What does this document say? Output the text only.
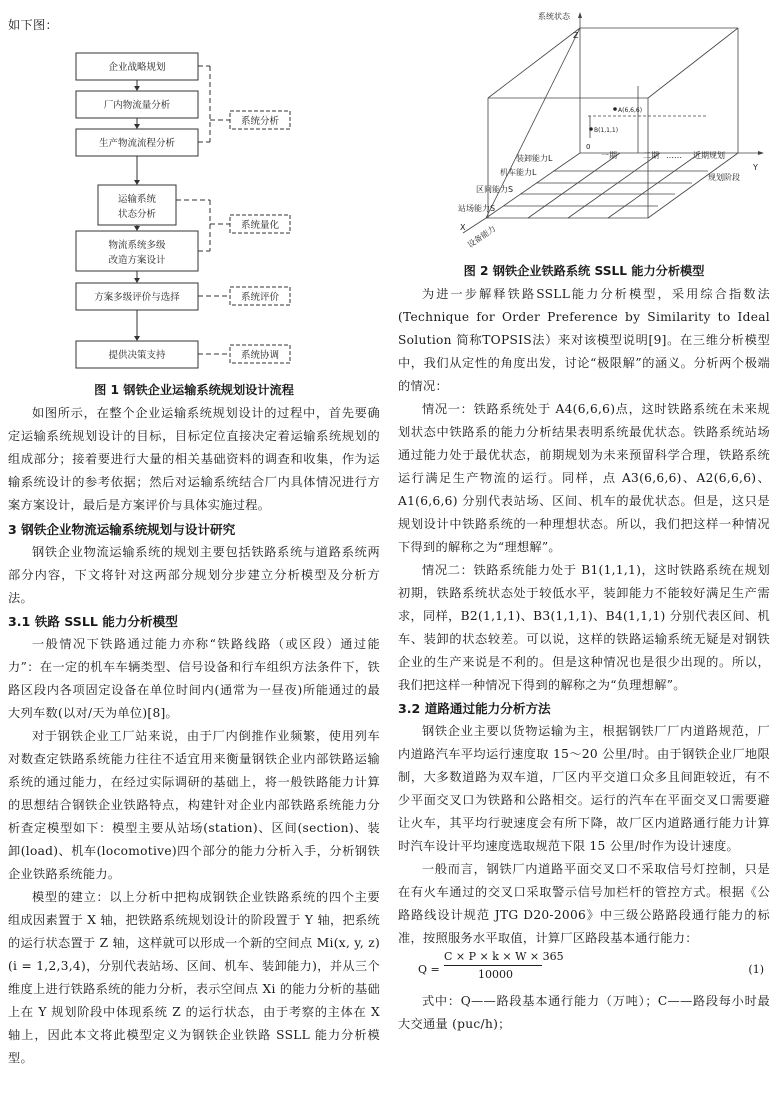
如下图：

企业战略规划
厂内物流量分析
生产物流流程分析
运输系统
状态分析
物流系统多级
改造方案设计
方案多级评价与选择
提供决策支持
系统分析
系统量化
系统评价
系统协调

图 1 钢铁企业运输系统规划设计流程

如图所示，在整个企业运输系统规划设计的过程中，首先要确定运输系统规划设计的目标，目标定位直接决定着运输系统规划的组成部分；接着要进行大量的相关基础资料的调查和收集，作为运输系统设计的参考依据；然后对运输系统结合厂内具体情况进行方案方案设计，最后是方案评价与具体实施过程。

3 钢铁企业物流运输系统规划与设计研究

钢铁企业物流运输系统的规划主要包括铁路系统与道路系统两部分内容，下文将针对这两部分规划分步建立分析模型及分析方法。

3.1 铁路 SSLL 能力分析模型

一般情况下铁路通过能力亦称“铁路线路（或区段）通过能力”：在一定的机车车辆类型、信号设备和行车组织方法条件下，铁路区段内各项固定设备在单位时间内(通常为一昼夜)所能通过的最大列车数(以对/天为单位)[8]。

对于钢铁企业工厂站来说，由于厂内倒推作业频繁，使用列车对数查定铁路系统能力往往不适宜用来衡量钢铁企业内部铁路运输系统的通过能力，在经过实际调研的基础上，将一般铁路能力计算的思想结合钢铁企业铁路特点，构建针对企业内部铁路系统能力分析查定模型如下：模型主要从站场(station)、区间(section)、装卸(load)、机车(locomotive)四个部分的能力分析入手，分析钢铁企业铁路系统能力。

模型的建立：以上分析中把构成钢铁企业铁路系统的四个主要组成因素置于 X 轴，把铁路系统规划设计的阶段置于 Y 轴，把系统的运行状态置于 Z 轴，这样就可以形成一个新的空间点 Mi(x, y, z) (i = 1,2,3,4)，分别代表站场、区间、机车、装卸能力)，并从三个维度上进行铁路系统的能力分析，表示空间点 Xi 的能力分析的基础上在 Y 规划阶段中体现系统 Z 的运行状态，由于考察的主体在 X 轴上，因此本文将此模型定义为钢铁企业铁路 SSLL 能力分析模型。

系统状态
Z
Y
规划阶段
X 设备能力
一期	二期 …… 近期规划
装卸能力L
机车能力L
区间能力S
站场能力S
A(6,6,6)
B(1,1,1)
0

图 2 钢铁企业铁路系统 SSLL 能力分析模型

为进一步解释铁路SSLL能力分析模型，采用综合指数法(Technique for Order Preference by Similarity to Ideal Solution 简称TOPSIS法）来对该模型说明[9]。在三维分析模型中，我们从定性的角度出发，讨论“极限解”的涵义。分析两个极端的情况：

情况一：铁路系统处于 A4(6,6,6)点，这时铁路系统在未来规划状态中铁路系的能力分析结果表明系统最优状态。铁路系统站场通过能力处于最优状态，前期规划为未来预留科学合理，铁路系统运行满足生产物流的运行。同样，点 A3(6,6,6)、A2(6,6,6)、A1(6,6,6) 分别代表站场、区间、机车的最优状态。但是，这只是规划设计中铁路系统的一种理想状态。所以，我们把这样一种情况下得到的解称之为“理想解”。

情况二：铁路系统能力处于 B1(1,1,1)，这时铁路系统在规划初期，铁路系统状态处于较低水平，装卸能力不能较好满足生产需求，同样，B2(1,1,1)、B3(1,1,1)、B4(1,1,1) 分别代表区间、机车、装卸的状态较差。可以说，这样的铁路运输系统无疑是对钢铁企业的生产来说是不利的。但是这种情况也是很少出现的。所以，我们把这样一种情况下得到的解称之为“负理想解”。

3.2 道路通过能力分析方法

钢铁企业主要以货物运输为主，根据钢铁厂厂内道路规范，厂内道路汽车平均运行速度取 15～20 公里/时。由于钢铁企业厂地限制，大多数道路为双车道，厂区内平交道口众多且间距较近，有不少平面交叉口为铁路和公路相交。运行的汽车在平面交叉口需要避让火车，其平均行驶速度会有所下降，故厂区内道路通行能力计算时汽车设计平均速度选取规范下限 15 公里/时作为设计速度。

一般而言，钢铁厂内道路平面交叉口不采取信号灯控制，只是在有火车通过的交叉口采取警示信号加栏杆的管控方式。根据《公路路线设计规范 JTG D20-2006》中三级公路路段通行能力的标准，按照服务水平取值，计算厂区路段基本通行能力：

Q =
C × P × k × W × 365
10000	(1)

式中：Q——路段基本通行能力（万吨）；C——路段每小时最大交通量 (puc/h)；
